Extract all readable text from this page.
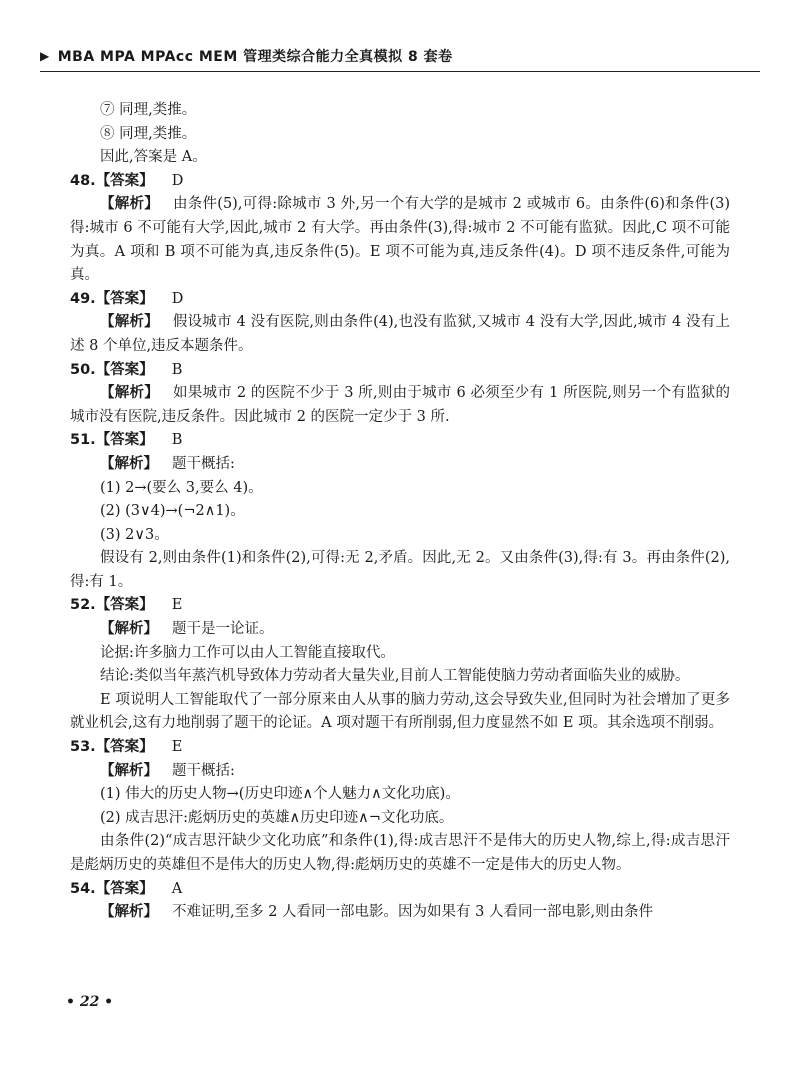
▶ MBA MPA MPAcc MEM 管理类综合能力全真模拟 8 套卷

⑦ 同理,类推。

⑧ 同理,类推。

因此,答案是 A。

48.【答案】 D

【解析】 由条件(5),可得:除城市 3 外,另一个有大学的是城市 2 或城市 6。由条件(6)和条件(3)得:城市 6 不可能有大学,因此,城市 2 有大学。再由条件(3),得:城市 2 不可能有监狱。因此,C 项不可能为真。A 项和 B 项不可能为真,违反条件(5)。E 项不可能为真,违反条件(4)。D 项不违反条件,可能为真。

49.【答案】 D

【解析】 假设城市 4 没有医院,则由条件(4),也没有监狱,又城市 4 没有大学,因此,城市 4 没有上述 8 个单位,违反本题条件。

50.【答案】 B

【解析】 如果城市 2 的医院不少于 3 所,则由于城市 6 必须至少有 1 所医院,则另一个有监狱的城市没有医院,违反条件。因此城市 2 的医院一定少于 3 所.

51.【答案】 B

【解析】 题干概括:

(1) 2→(要么 3,要么 4)。

(2) (3∨4)→(¬2∧1)。

(3) 2∨3。

假设有 2,则由条件(1)和条件(2),可得:无 2,矛盾。因此,无 2。又由条件(3),得:有 3。再由条件(2),得:有 1。

52.【答案】 E

【解析】 题干是一论证。

论据:许多脑力工作可以由人工智能直接取代。

结论:类似当年蒸汽机导致体力劳动者大量失业,目前人工智能使脑力劳动者面临失业的威胁。

E 项说明人工智能取代了一部分原来由人从事的脑力劳动,这会导致失业,但同时为社会增加了更多就业机会,这有力地削弱了题干的论证。A 项对题干有所削弱,但力度显然不如 E 项。其余选项不削弱。

53.【答案】 E

【解析】 题干概括:

(1) 伟大的历史人物→(历史印迹∧个人魅力∧文化功底)。

(2) 成吉思汗:彪炳历史的英雄∧历史印迹∧¬文化功底。

由条件(2)“成吉思汗缺少文化功底”和条件(1),得:成吉思汗不是伟大的历史人物,综上,得:成吉思汗是彪炳历史的英雄但不是伟大的历史人物,得:彪炳历史的英雄不一定是伟大的历史人物。

54.【答案】 A

【解析】 不难证明,至多 2 人看同一部电影。因为如果有 3 人看同一部电影,则由条件

• 22 •
